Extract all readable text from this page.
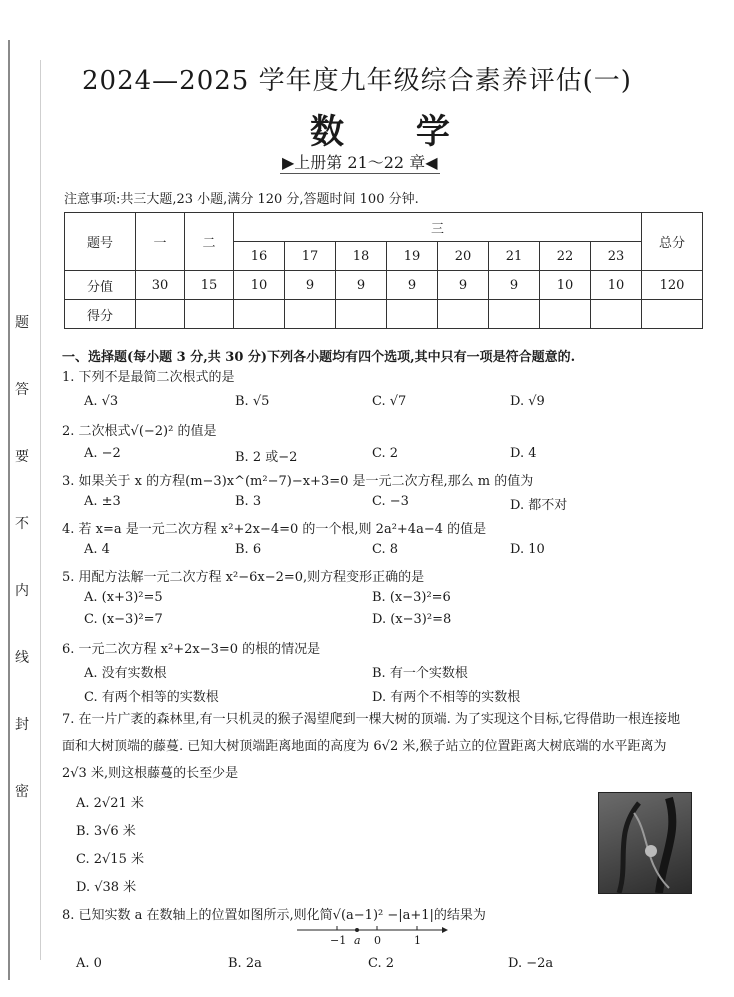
题
答
要
不
内
线
封
密
2024—2025 学年度九年级综合素养评估(一)
数 学
▶上册第 21～22 章◀
注意事项:共三大题,23 小题,满分 120 分,答题时间 100 分钟.
题号	一	二	三								总分
			16	17	18	19	20	21	22	23	
分值	30	15	10	9	9	9	9	9	10	10	120
得分											
一、选择题(每小题 3 分,共 30 分)下列各小题均有四个选项,其中只有一项是符合题意的.
1. 下列不是最简二次根式的是
A. √3	B. √5	C. √7	D. √9
2. 二次根式√(−2)² 的值是
A. −2	B. 2 或−2	C. 2	D. 4
3. 如果关于 x 的方程(m−3)x^(m²−7)−x+3=0 是一元二次方程,那么 m 的值为
A. ±3	B. 3	C. −3	D. 都不对
4. 若 x=a 是一元二次方程 x²+2x−4=0 的一个根,则 2a²+4a−4 的值是
A. 4	B. 6	C. 8	D. 10
5. 用配方法解一元二次方程 x²−6x−2=0,则方程变形正确的是
A. (x+3)²=5	B. (x−3)²=6
C. (x−3)²=7	D. (x−3)²=8
6. 一元二次方程 x²+2x−3=0 的根的情况是
A. 没有实数根	B. 有一个实数根
C. 有两个相等的实数根	D. 有两个不相等的实数根
7. 在一片广袤的森林里,有一只机灵的猴子渴望爬到一棵大树的顶端. 为了实现这个目标,它得借助一根连接地面和大树顶端的藤蔓. 已知大树顶端距离地面的高度为 6√2 米,猴子站立的位置距离大树底端的水平距离为 2√3 米,则这根藤蔓的长至少是
A. 2√21 米
B. 3√6 米
C. 2√15 米
D. √38 米
8. 已知实数 a 在数轴上的位置如图所示,则化简√(a−1)² −|a+1|的结果为
−1 a 0	1
A. 0	B. 2a	C. 2	D. −2a
